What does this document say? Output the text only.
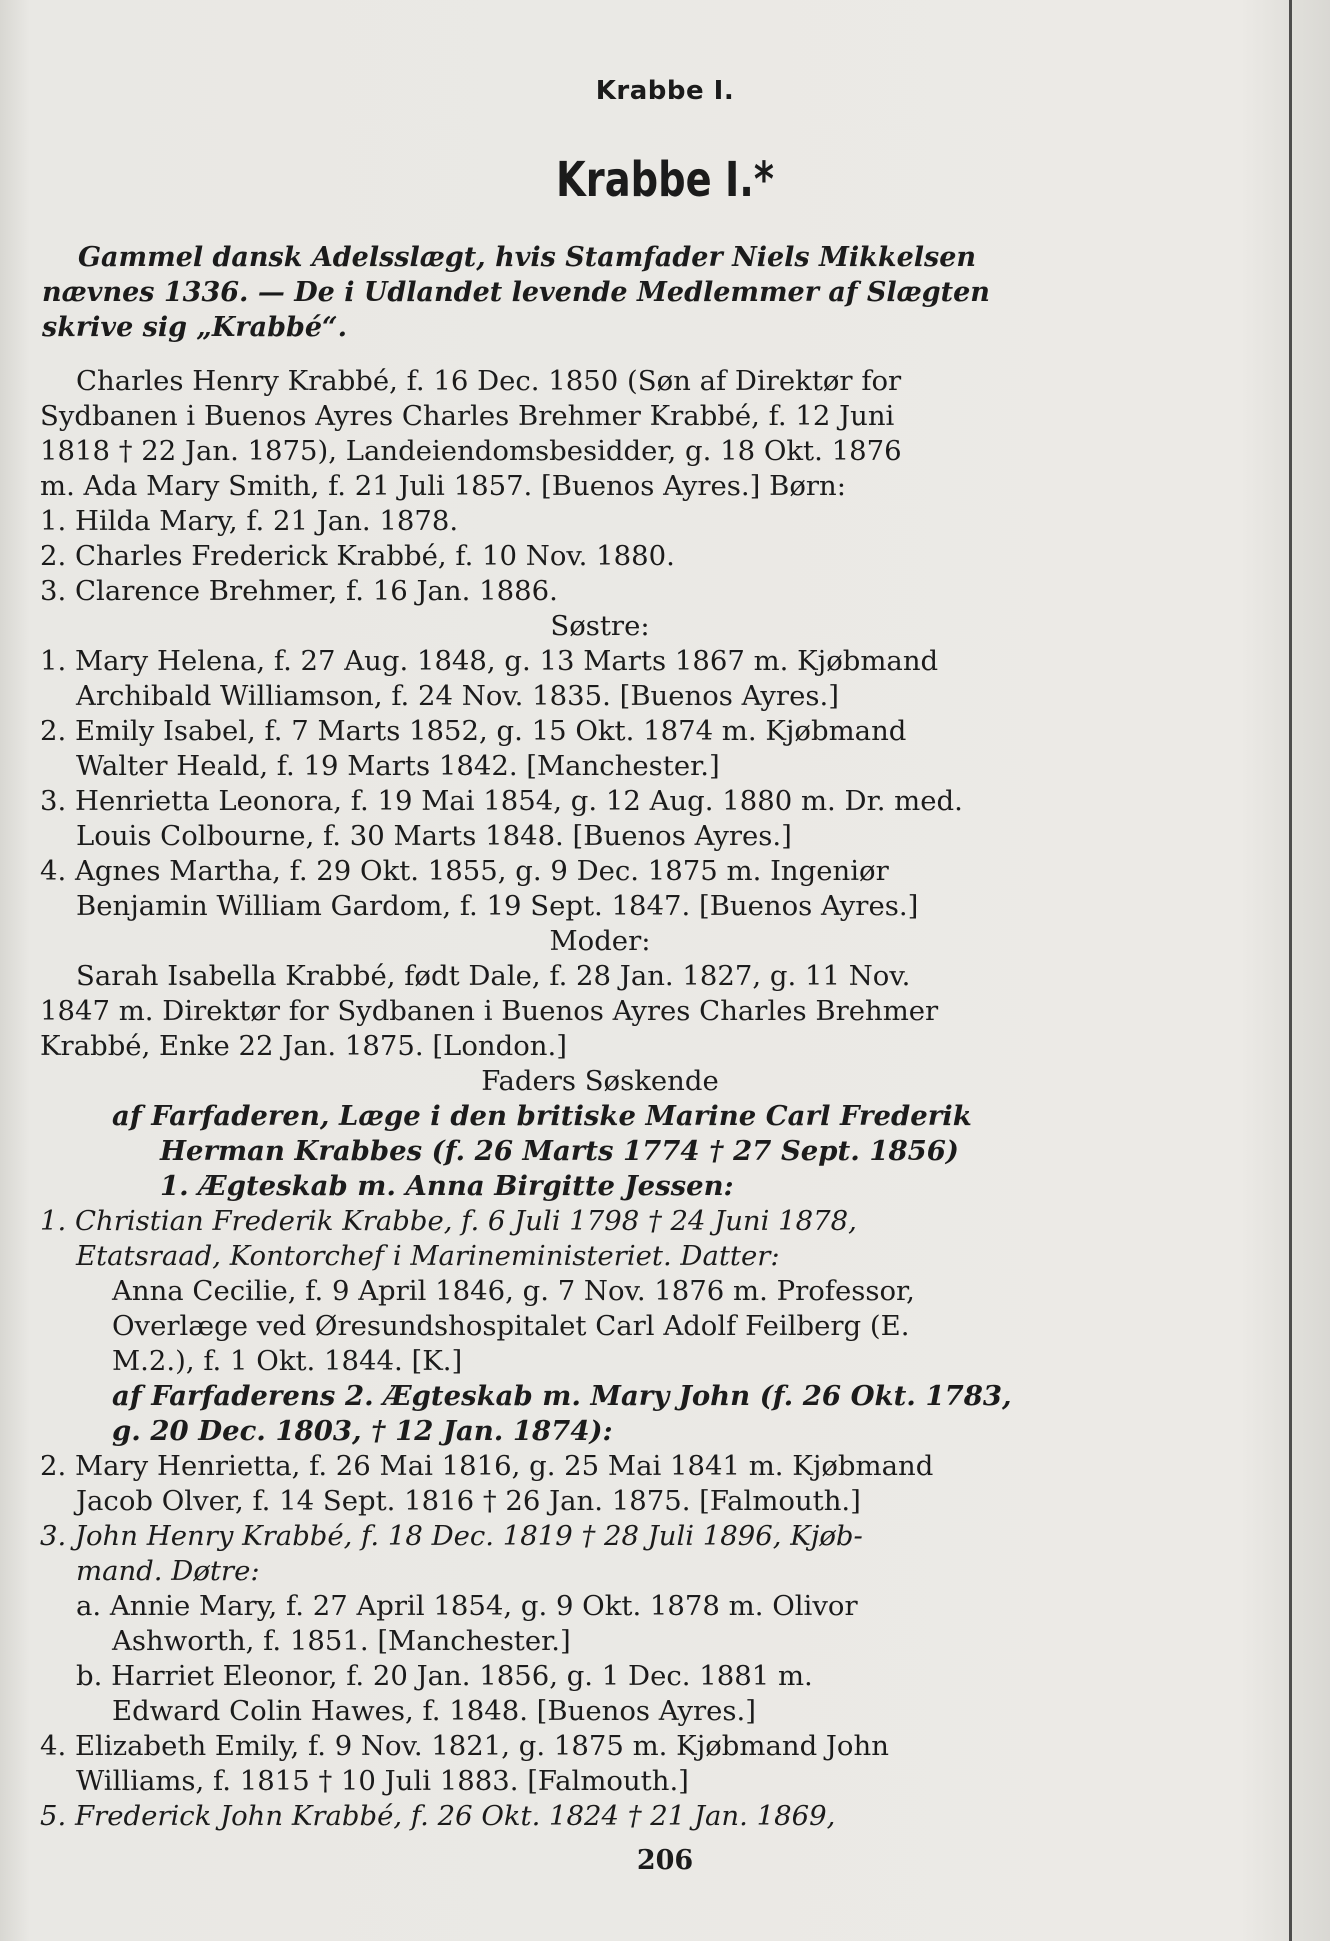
Krabbe I.
Krabbe I.*
Gammel dansk Adelsslægt, hvis Stamfader Niels Mikkelsen
nævnes 1336. — De i Udlandet levende Medlemmer af Slægten
skrive sig „Krabbé“.
Charles Henry Krabbé, f. 16 Dec. 1850 (Søn af Direktør for
Sydbanen i Buenos Ayres Charles Brehmer Krabbé, f. 12 Juni
1818 † 22 Jan. 1875), Landeiendomsbesidder, g. 18 Okt. 1876
m. Ada Mary Smith, f. 21 Juli 1857. [Buenos Ayres.] Børn:
1. Hilda Mary, f. 21 Jan. 1878.
2. Charles Frederick Krabbé, f. 10 Nov. 1880.
3. Clarence Brehmer, f. 16 Jan. 1886.
Søstre:
1. Mary Helena, f. 27 Aug. 1848, g. 13 Marts 1867 m. Kjøbmand
Archibald Williamson, f. 24 Nov. 1835. [Buenos Ayres.]
2. Emily Isabel, f. 7 Marts 1852, g. 15 Okt. 1874 m. Kjøbmand
Walter Heald, f. 19 Marts 1842. [Manchester.]
3. Henrietta Leonora, f. 19 Mai 1854, g. 12 Aug. 1880 m. Dr. med.
Louis Colbourne, f. 30 Marts 1848. [Buenos Ayres.]
4. Agnes Martha, f. 29 Okt. 1855, g. 9 Dec. 1875 m. Ingeniør
Benjamin William Gardom, f. 19 Sept. 1847. [Buenos Ayres.]
Moder:
Sarah Isabella Krabbé, født Dale, f. 28 Jan. 1827, g. 11 Nov.
1847 m. Direktør for Sydbanen i Buenos Ayres Charles Brehmer
Krabbé, Enke 22 Jan. 1875. [London.]
Faders Søskende
af Farfaderen, Læge i den britiske Marine Carl Frederik
Herman Krabbes (f. 26 Marts 1774 † 27 Sept. 1856)
1. Ægteskab m. Anna Birgitte Jessen:
1. Christian Frederik Krabbe, f. 6 Juli 1798 † 24 Juni 1878,
Etatsraad, Kontorchef i Marineministeriet. Datter:
Anna Cecilie, f. 9 April 1846, g. 7 Nov. 1876 m. Professor,
Overlæge ved Øresundshospitalet Carl Adolf Feilberg (E.
M.2.), f. 1 Okt. 1844. [K.]
af Farfaderens 2. Ægteskab m. Mary John (f. 26 Okt. 1783,
g. 20 Dec. 1803, † 12 Jan. 1874):
2. Mary Henrietta, f. 26 Mai 1816, g. 25 Mai 1841 m. Kjøbmand
Jacob Olver, f. 14 Sept. 1816 † 26 Jan. 1875. [Falmouth.]
3. John Henry Krabbé, f. 18 Dec. 1819 † 28 Juli 1896, Kjøb-
mand. Døtre:
a. Annie Mary, f. 27 April 1854, g. 9 Okt. 1878 m. Olivor
Ashworth, f. 1851. [Manchester.]
b. Harriet Eleonor, f. 20 Jan. 1856, g. 1 Dec. 1881 m.
Edward Colin Hawes, f. 1848. [Buenos Ayres.]
4. Elizabeth Emily, f. 9 Nov. 1821, g. 1875 m. Kjøbmand John
Williams, f. 1815 † 10 Juli 1883. [Falmouth.]
5. Frederick John Krabbé, f. 26 Okt. 1824 † 21 Jan. 1869,
206
